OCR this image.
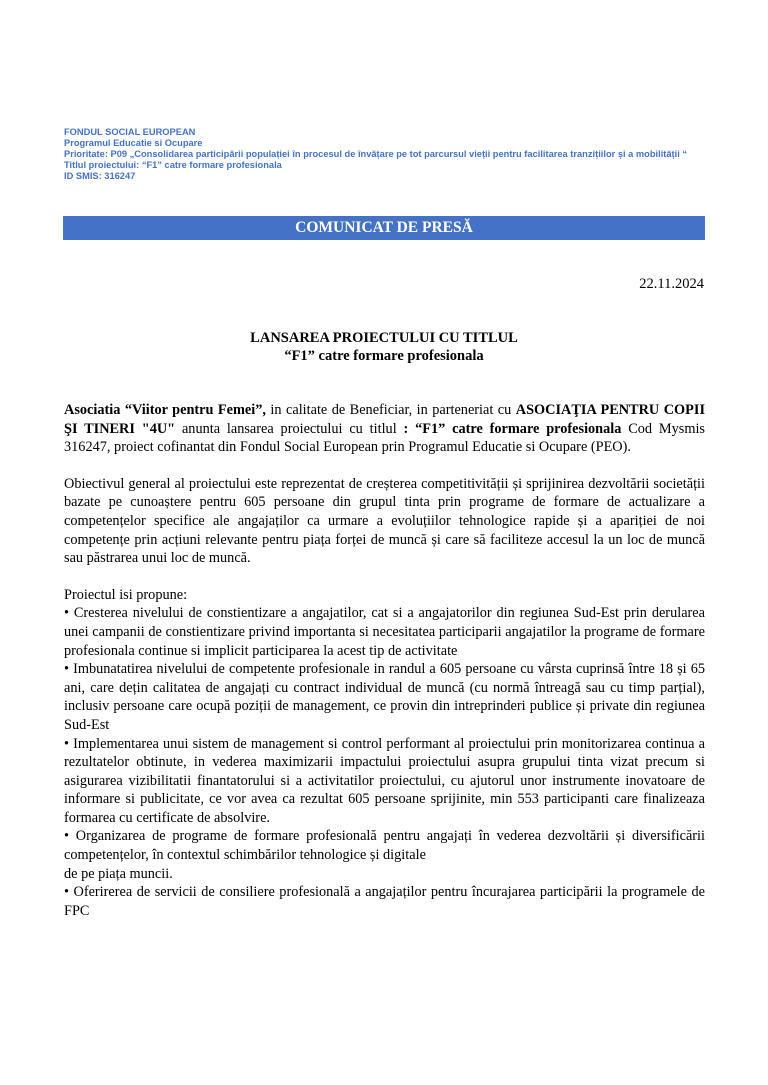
FONDUL SOCIAL EUROPEAN
Programul Educatie si Ocupare
Prioritate: P09 „Consolidarea participării populației în procesul de învățare pe tot parcursul vieții pentru facilitarea tranzițiilor și a mobilității “
Titlul proiectului: “F1” catre formare profesionala
ID SMIS: 316247
COMUNICAT DE PRESĂ
22.11.2024
LANSAREA PROIECTULUI CU TITLUL
“F1” catre formare profesionala

Asociatia “Viitor pentru Femei”, in calitate de Beneficiar, in parteneriat cu ASOCIAŢIA PENTRU COPII ŞI TINERI "4U" anunta lansarea proiectului cu titlul : “F1” catre formare profesionala Cod Mysmis 316247, proiect cofinantat din Fondul Social European prin Programul Educatie si Ocupare (PEO).

Obiectivul general al proiectului este reprezentat de creșterea competitivității și sprijinirea dezvoltării societății bazate pe cunoaștere pentru 605 persoane din grupul tinta prin programe de formare de actualizare a competențelor specifice ale angajaților ca urmare a evoluțiilor tehnologice rapide și a apariției de noi competențe prin acțiuni relevante pentru piața forței de muncă și care să faciliteze accesul la un loc de muncă sau păstrarea unui loc de muncă.

Proiectul isi propune:

• Cresterea nivelului de constientizare a angajatilor, cat si a angajatorilor din regiunea Sud-Est prin derularea unei campanii de constientizare privind importanta si necesitatea participarii angajatilor la programe de formare profesionala continue si implicit participarea la acest tip de activitate

• Imbunatatirea nivelului de competente profesionale in randul a 605 persoane cu vârsta cuprinsă între 18 și 65 ani, care dețin calitatea de angajați cu contract individual de muncă (cu normă întreagă sau cu timp parțial), inclusiv persoane care ocupă poziții de management, ce provin din intreprinderi publice și private din regiunea Sud-Est

• Implementarea unui sistem de management si control performant al proiectului prin monitorizarea continua a rezultatelor obtinute, in vederea maximizarii impactului proiectului asupra grupului tinta vizat precum si asigurarea vizibilitatii finantatorului si a activitatilor proiectului, cu ajutorul unor instrumente inovatoare de informare si publicitate, ce vor avea ca rezultat 605 persoane sprijinite, min 553 participanti care finalizeaza formarea cu certificate de absolvire.

• Organizarea de programe de formare profesională pentru angajați în vederea dezvoltării și diversificării competențelor, în contextul schimbărilor tehnologice și digitale

de pe piața muncii.

• Oferirerea de servicii de consiliere profesională a angajaților pentru încurajarea participării la programele de FPC
